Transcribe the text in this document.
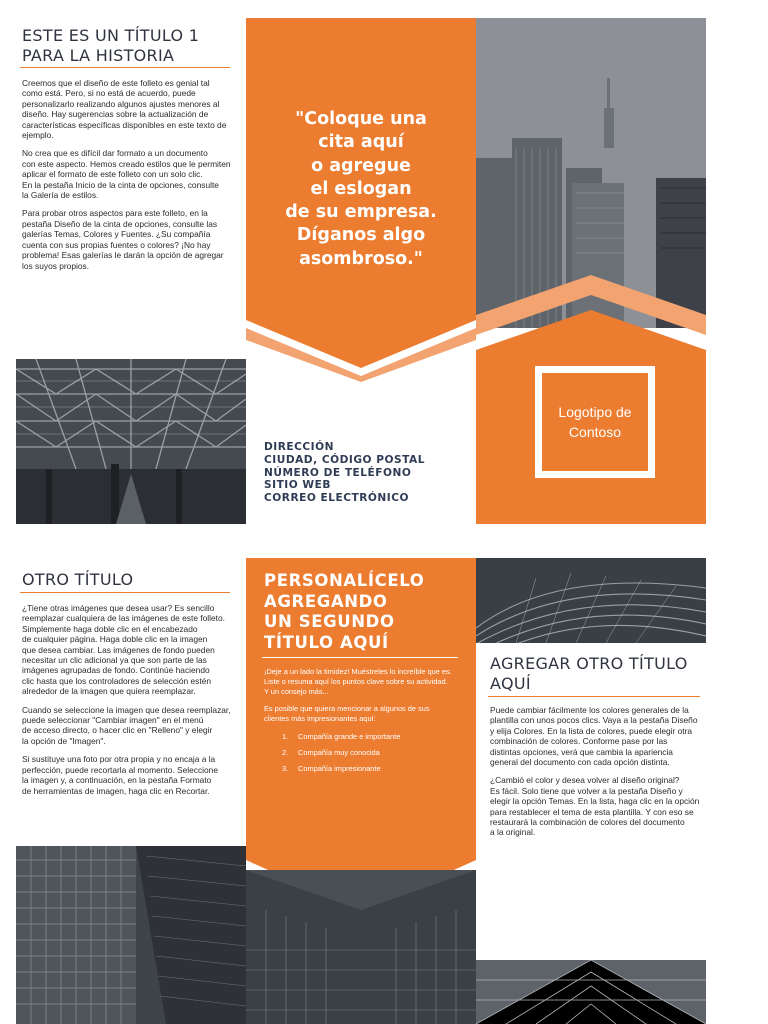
ESTE ES UN TÍTULO 1
PARA LA HISTORIA

Creemos que el diseño de este folleto es genial tal como está. Pero, si no está de acuerdo, puede personalizarlo realizando algunos ajustes menores al diseño. Hay sugerencias sobre la actualización de características específicas disponibles en este texto de ejemplo.

No crea que es difícil dar formato a un documento
con este aspecto. Hemos creado estilos que le permiten aplicar el formato de este folleto con un solo clic.
En la pestaña Inicio de la cinta de opciones, consulte
la Galería de estilos.

Para probar otros aspectos para este folleto, en la pestaña Diseño de la cinta de opciones, consulte las galerías Temas, Colores y Fuentes. ¿Su compañía cuenta con sus propias fuentes o colores? ¡No hay problema! Esas galerías le darán la opción de agregar los suyos propios.

"Coloque una
cita aquí
o agregue
el eslogan
de su empresa.
Díganos algo
asombroso."
DIRECCIÓN
CIUDAD, CÓDIGO POSTAL
NÚMERO DE TELÉFONO
SITIO WEB
CORREO ELECTRÓNICO
Logotipo de
Contoso
OTRO TÍTULO

¿Tiene otras imágenes que desea usar? Es sencillo reemplazar cualquiera de las imágenes de este folleto. Simplemente haga doble clic en el encabezado
de cualquier página. Haga doble clic en la imagen
que desea cambiar. Las imágenes de fondo pueden necesitar un clic adicional ya que son parte de las imágenes agrupadas de fondo. Continúe haciendo
clic hasta que los controladores de selección estén alrededor de la imagen que quiera reemplazar.

Cuando se seleccione la imagen que desea reemplazar, puede seleccionar "Cambiar imagen" en el menú
de acceso directo, o hacer clic en "Relleno" y elegir
la opción de "Imagen".

Si sustituye una foto por otra propia y no encaja a la perfección, puede recortarla al momento. Seleccione
la imagen y, a continuación, en la pestaña Formato
de herramientas de imagen, haga clic en Recortar.

PERSONALÍCELO
AGREGANDO
UN SEGUNDO
TÍTULO AQUÍ

¡Deje a un lado la timidez! Muéstreles lo increíble que es. Liste o resuma aquí los puntos clave sobre su actividad. Y un consejo más...

Es posible que quiera mencionar a algunos de sus clientes más impresionantes aquí:

1.	Compañía grande e importante
2.	Compañía muy conocida
3.	Compañía impresionante
AGREGAR OTRO TÍTULO
AQUÍ

Puede cambiar fácilmente los colores generales de la plantilla con unos pocos clics. Vaya a la pestaña Diseño y elija Colores. En la lista de colores, puede elegir otra combinación de colores. Conforme pase por las distintas opciones, verá que cambia la apariencia general del documento con cada opción distinta.

¿Cambió el color y desea volver al diseño original?
Es fácil. Solo tiene que volver a la pestaña Diseño y elegir la opción Temas. En la lista, haga clic en la opción para restablecer el tema de esta plantilla. Y con eso se restaurará la combinación de colores del documento
a la original.
